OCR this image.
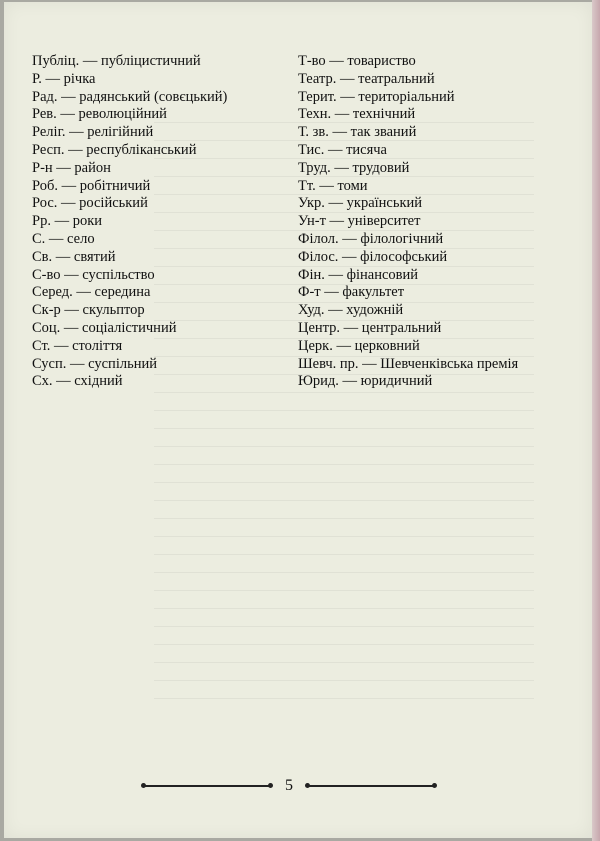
Публіц. — публіцистичний
Р. — річка
Рад. — радянський (совєцький)
Рев. — революційний
Реліг. — релігійний
Респ. — республіканський
Р-н — район
Роб. — робітничий
Рос. — російський
Рр. — роки
С. — село
Св. — святий
С-во — суспільство
Серед. — середина
Ск-р — скульптор
Соц. — соціалістичний
Ст. — століття
Сусп. — суспільний
Сх. — східний
Т-во — товариство
Театр. — театральний
Терит. — територіальний
Техн. — технічний
Т. зв. — так званий
Тис. — тисяча
Труд. — трудовий
Тт. — томи
Укр. — український
Ун-т — університет
Філол. — філологічний
Філос. — філософський
Фін. — фінансовий
Ф-т — факультет
Худ. — художній
Центр. — центральний
Церк. — церковний
Шевч. пр. — Шевченківська премія
Юрид. — юридичний
5
